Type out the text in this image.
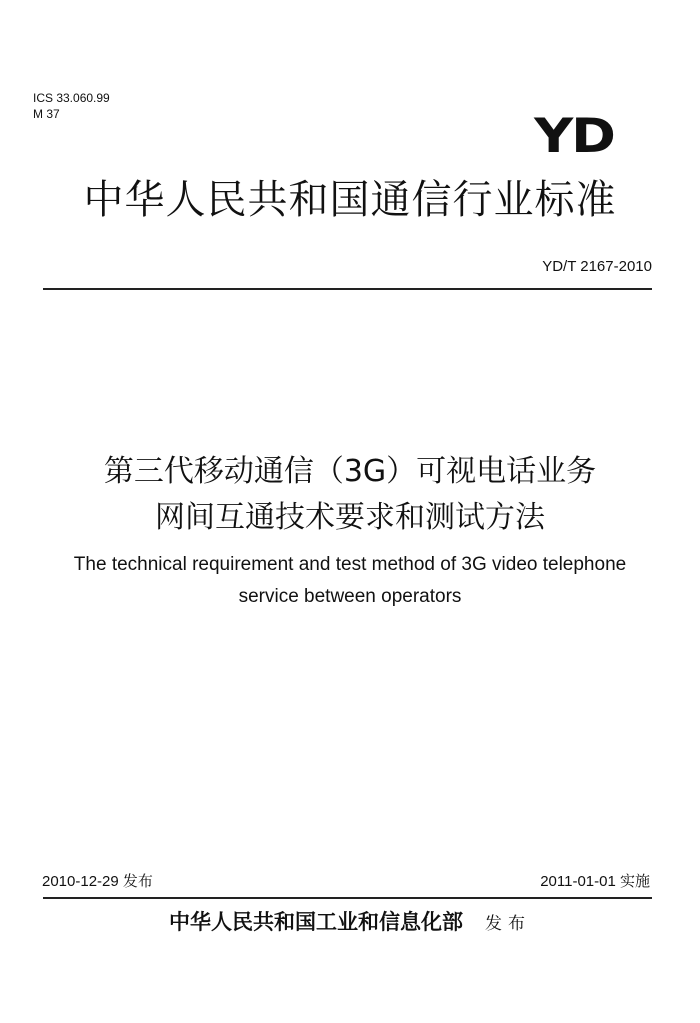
ICS 33.060.99
M 37	YD
中华人民共和国通信行业标准
YD/T 2167-2010
第三代移动通信（3G）可视电话业务
网间互通技术要求和测试方法
The technical requirement and test method of 3G video telephone
service between operators
2010-12-29 发布	2011-01-01 实施
中华人民共和国工业和信息化部 发布
